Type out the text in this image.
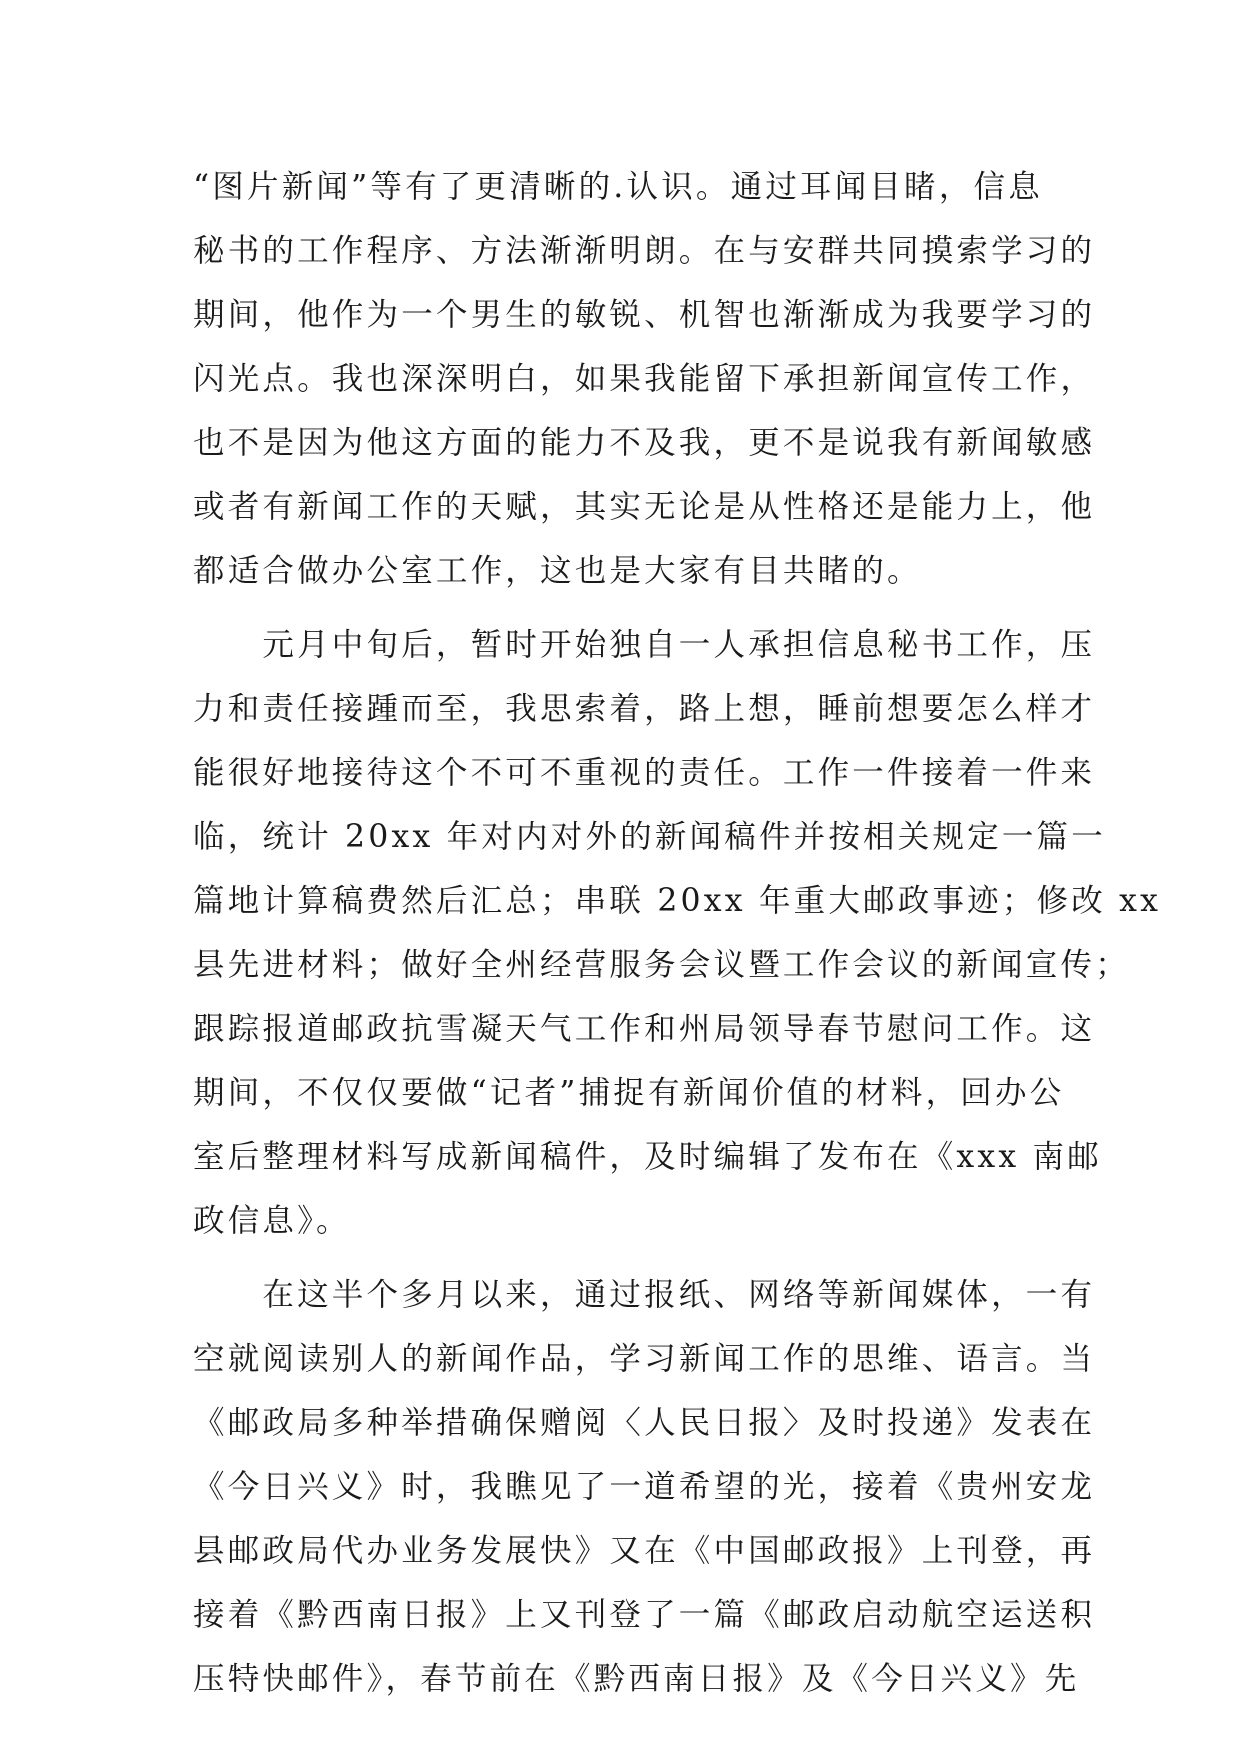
“图片新闻”等有了更清晰的.认识。通过耳闻目睹，信息
秘书的工作程序、方法渐渐明朗。在与安群共同摸索学习的
期间，他作为一个男生的敏锐、机智也渐渐成为我要学习的
闪光点。我也深深明白，如果我能留下承担新闻宣传工作，
也不是因为他这方面的能力不及我，更不是说我有新闻敏感
或者有新闻工作的天赋，其实无论是从性格还是能力上，他
都适合做办公室工作，这也是大家有目共睹的。
　　元月中旬后，暂时开始独自一人承担信息秘书工作，压
力和责任接踵而至，我思索着，路上想，睡前想要怎么样才
能很好地接待这个不可不重视的责任。工作一件接着一件来
临，统计 20xx 年对内对外的新闻稿件并按相关规定一篇一
篇地计算稿费然后汇总；串联 20xx 年重大邮政事迹；修改 xx
县先进材料；做好全州经营服务会议暨工作会议的新闻宣传；
跟踪报道邮政抗雪凝天气工作和州局领导春节慰问工作。这
期间，不仅仅要做“记者”捕捉有新闻价值的材料，回办公
室后整理材料写成新闻稿件，及时编辑了发布在《xxx 南邮
政信息》。
　　在这半个多月以来，通过报纸、网络等新闻媒体，一有
空就阅读别人的新闻作品，学习新闻工作的思维、语言。当
《邮政局多种举措确保赠阅〈人民日报〉及时投递》发表在
《今日兴义》时，我瞧见了一道希望的光，接着《贵州安龙
县邮政局代办业务发展快》又在《中国邮政报》上刊登，再
接着《黔西南日报》上又刊登了一篇《邮政启动航空运送积
压特快邮件》，春节前在《黔西南日报》及《今日兴义》先
